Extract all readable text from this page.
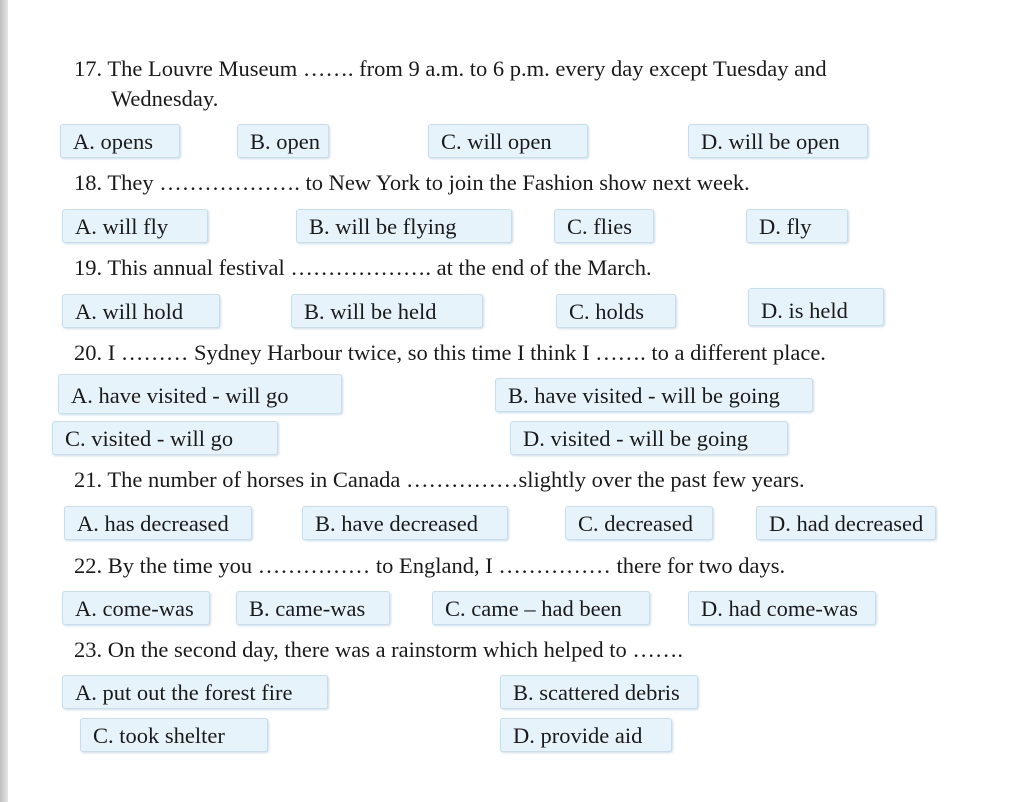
17. The Louvre Museum ……. from 9 a.m. to 6 p.m. every day except Tuesday and
Wednesday.
A. opens	B. open	C. will open	D. will be open
18. They ………………. to New York to join the Fashion show next week.
A. will fly	B. will be flying	C. flies	D. fly
19. This annual festival ………………. at the end of the March.
A. will hold	B. will be held	C. holds	D. is held
20. I ……… Sydney Harbour twice, so this time I think I ……. to a different place.
A. have visited - will go	B. have visited - will be going
C. visited - will go	D. visited - will be going
21. The number of horses in Canada ……………slightly over the past few years.
A. has decreased	B. have decreased	C. decreased	D. had decreased
22. By the time you …………… to England, I …………… there for two days.
A. come-was	B. came-was	C. came – had been	D. had come-was
23. On the second day, there was a rainstorm which helped to …….
A. put out the forest fire	B. scattered debris
C. took shelter	D. provide aid
